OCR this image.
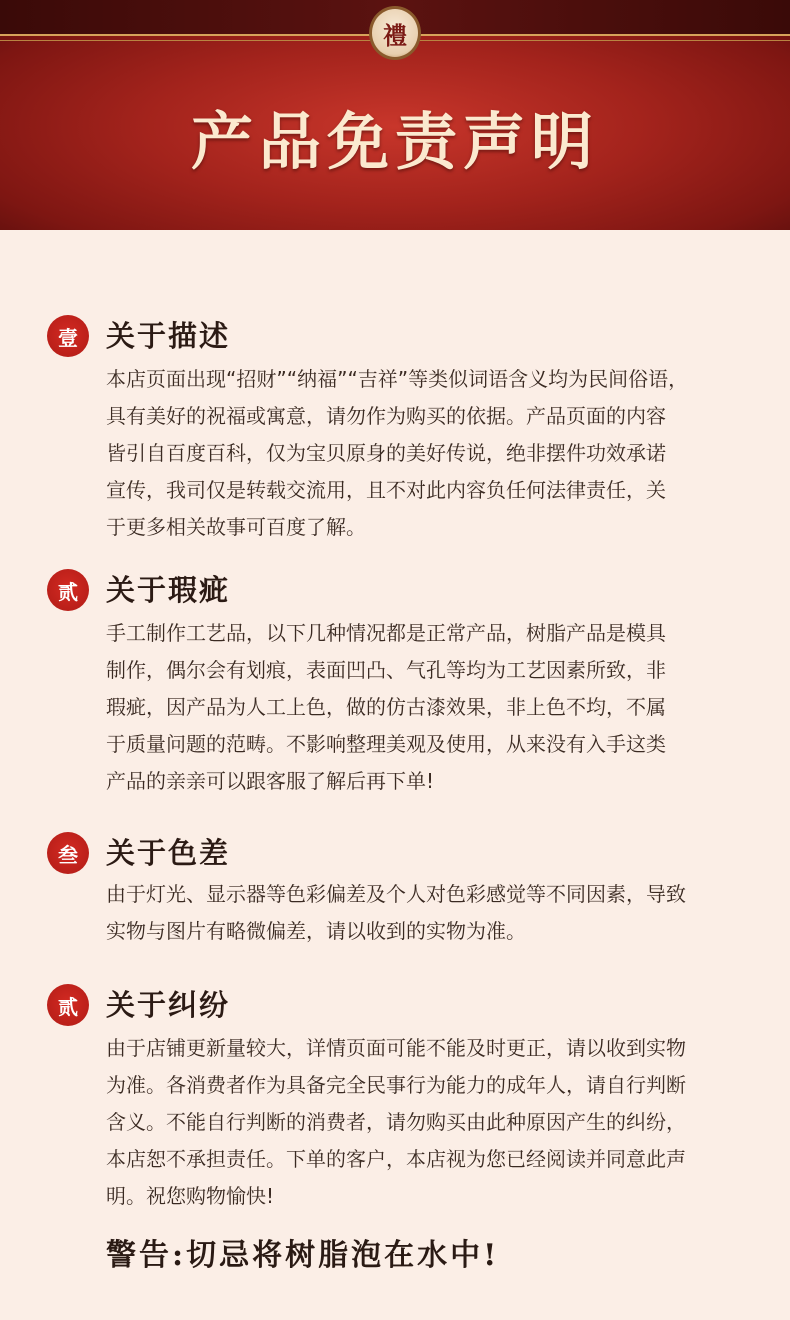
禮
产品免责声明
壹 关于描述
本店页面出现“招财”“纳福”“吉祥”等类似词语含义均为民间俗语，
具有美好的祝福或寓意，请勿作为购买的依据。产品页面的内容
皆引自百度百科，仅为宝贝原身的美好传说，绝非摆件功效承诺
宣传，我司仅是转载交流用，且不对此内容负任何法律责任，关
于更多相关故事可百度了解。
贰 关于瑕疵
手工制作工艺品，以下几种情况都是正常产品，树脂产品是模具
制作，偶尔会有划痕，表面凹凸、气孔等均为工艺因素所致，非
瑕疵，因产品为人工上色，做的仿古漆效果，非上色不均，不属
于质量问题的范畴。不影响整理美观及使用，从来没有入手这类
产品的亲亲可以跟客服了解后再下单!
叁 关于色差
由于灯光、显示器等色彩偏差及个人对色彩感觉等不同因素，导致
实物与图片有略微偏差，请以收到的实物为准。
贰 关于纠纷
由于店铺更新量较大，详情页面可能不能及时更正，请以收到实物
为准。各消费者作为具备完全民事行为能力的成年人，请自行判断
含义。不能自行判断的消费者，请勿购买由此种原因产生的纠纷，
本店恕不承担责任。下单的客户，本店视为您已经阅读并同意此声
明。祝您购物愉快!
警告:切忌将树脂泡在水中!
